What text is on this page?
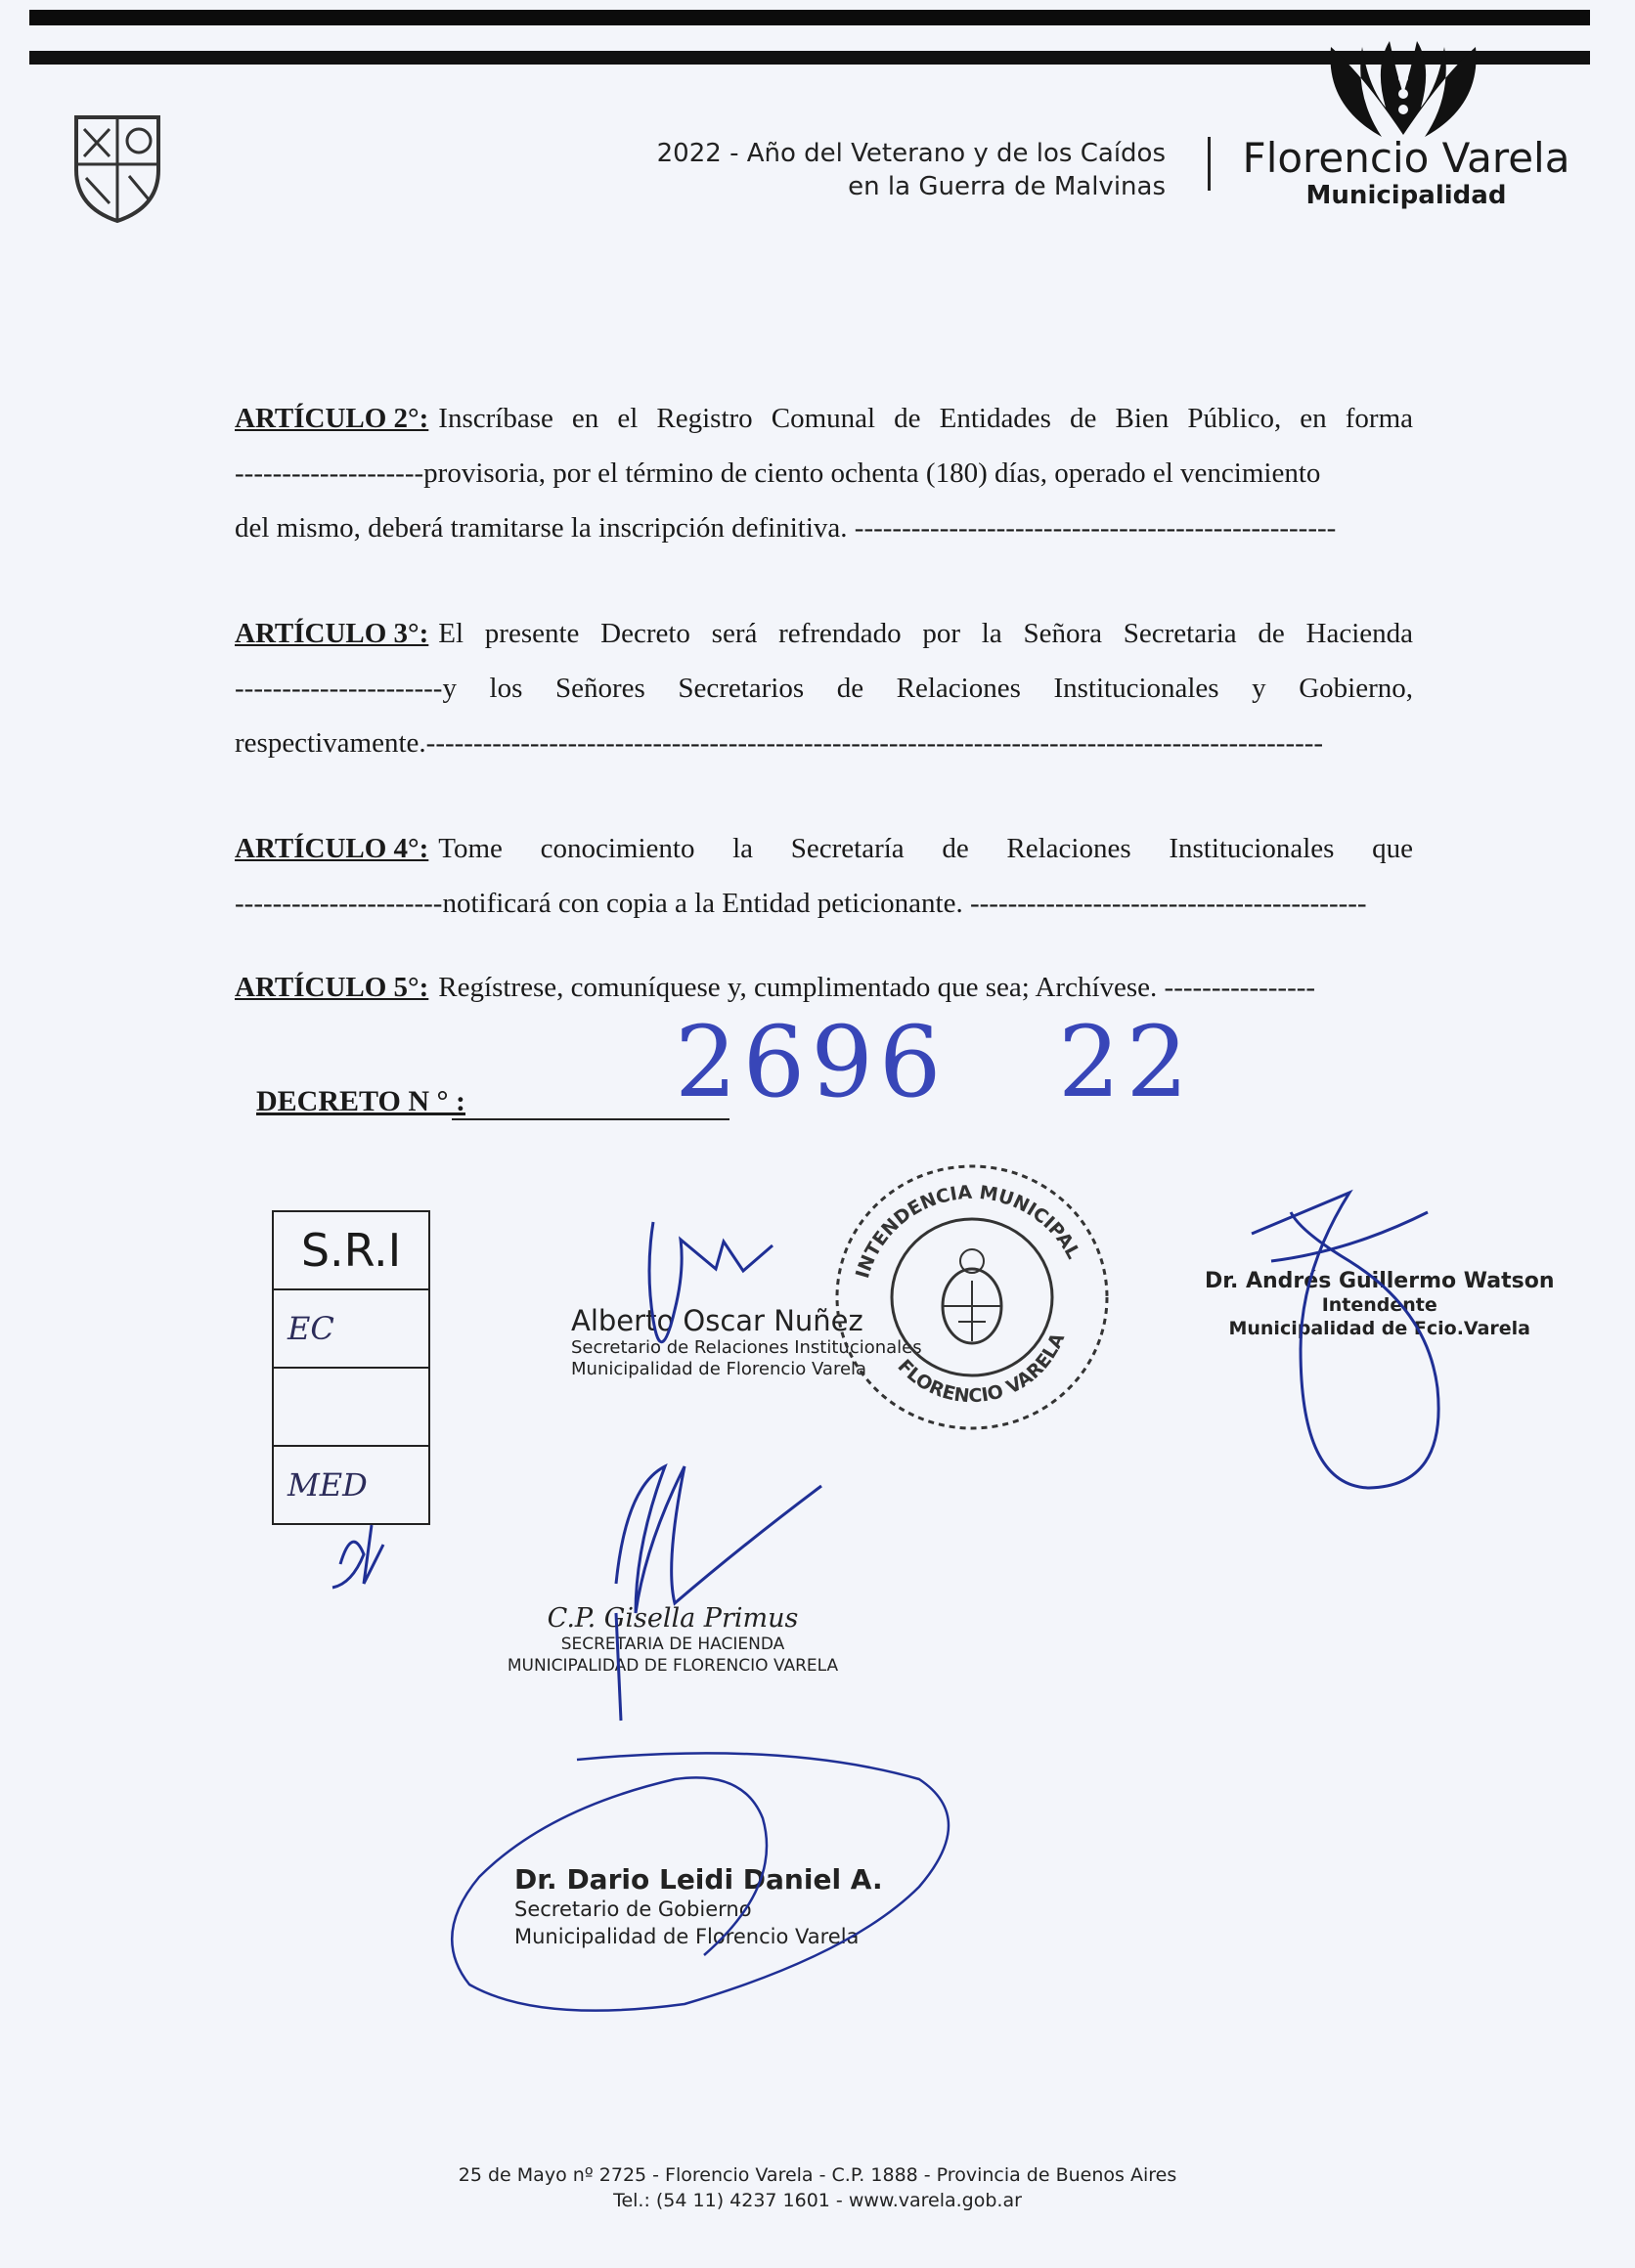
2022 - Año del Veterano y de los Caídos
en la Guerra de Malvinas
Florencio Varela
Municipalidad
ARTÍCULO 2°: Inscríbase en el Registro Comunal de Entidades de Bien Público, en forma
-------------------- provisoria, por el término de ciento ochenta (180) días, operado el vencimiento
del mismo, deberá tramitarse la inscripción definitiva.
---------------------------------------------------
ARTÍCULO 3°: El presente Decreto será refrendado por la Señora Secretaria de Hacienda
---------------------- y los Señores Secretarios de Relaciones Institucionales y Gobierno,
respectivamente. -----------------------------------------------------------------------------------------------
ARTÍCULO 4°: Tome conocimiento la Secretaría de Relaciones Institucionales que
---------------------- notificará con copia a la Entidad peticionante.
------------------------------------------
ARTÍCULO 5°: Regístrese, comuníquese y, cumplimentado que sea; Archívese.
----------------
DECRETO N ° : 2696 22
S.R.I
EC
MED
Alberto Oscar Nuñez
Secretario de Relaciones Institucionales
Municipalidad de Florencio Varela
Dr. Andrés Guillermo Watson
Intendente
Municipalidad de Fcio.Varela
C.P. Gisella Primus
SECRETARIA DE HACIENDA
MUNICIPALIDAD DE FLORENCIO VARELA
Dr. Dario Leidi Daniel A.
Secretario de Gobierno
Municipalidad de Florencio Varela
INTENDENCIA MUNICIPAL
FLORENCIO VARELA
25 de Mayo nº 2725 - Florencio Varela - C.P. 1888 - Provincia de Buenos Aires
Tel.: (54 11) 4237 1601 - www.varela.gob.ar
